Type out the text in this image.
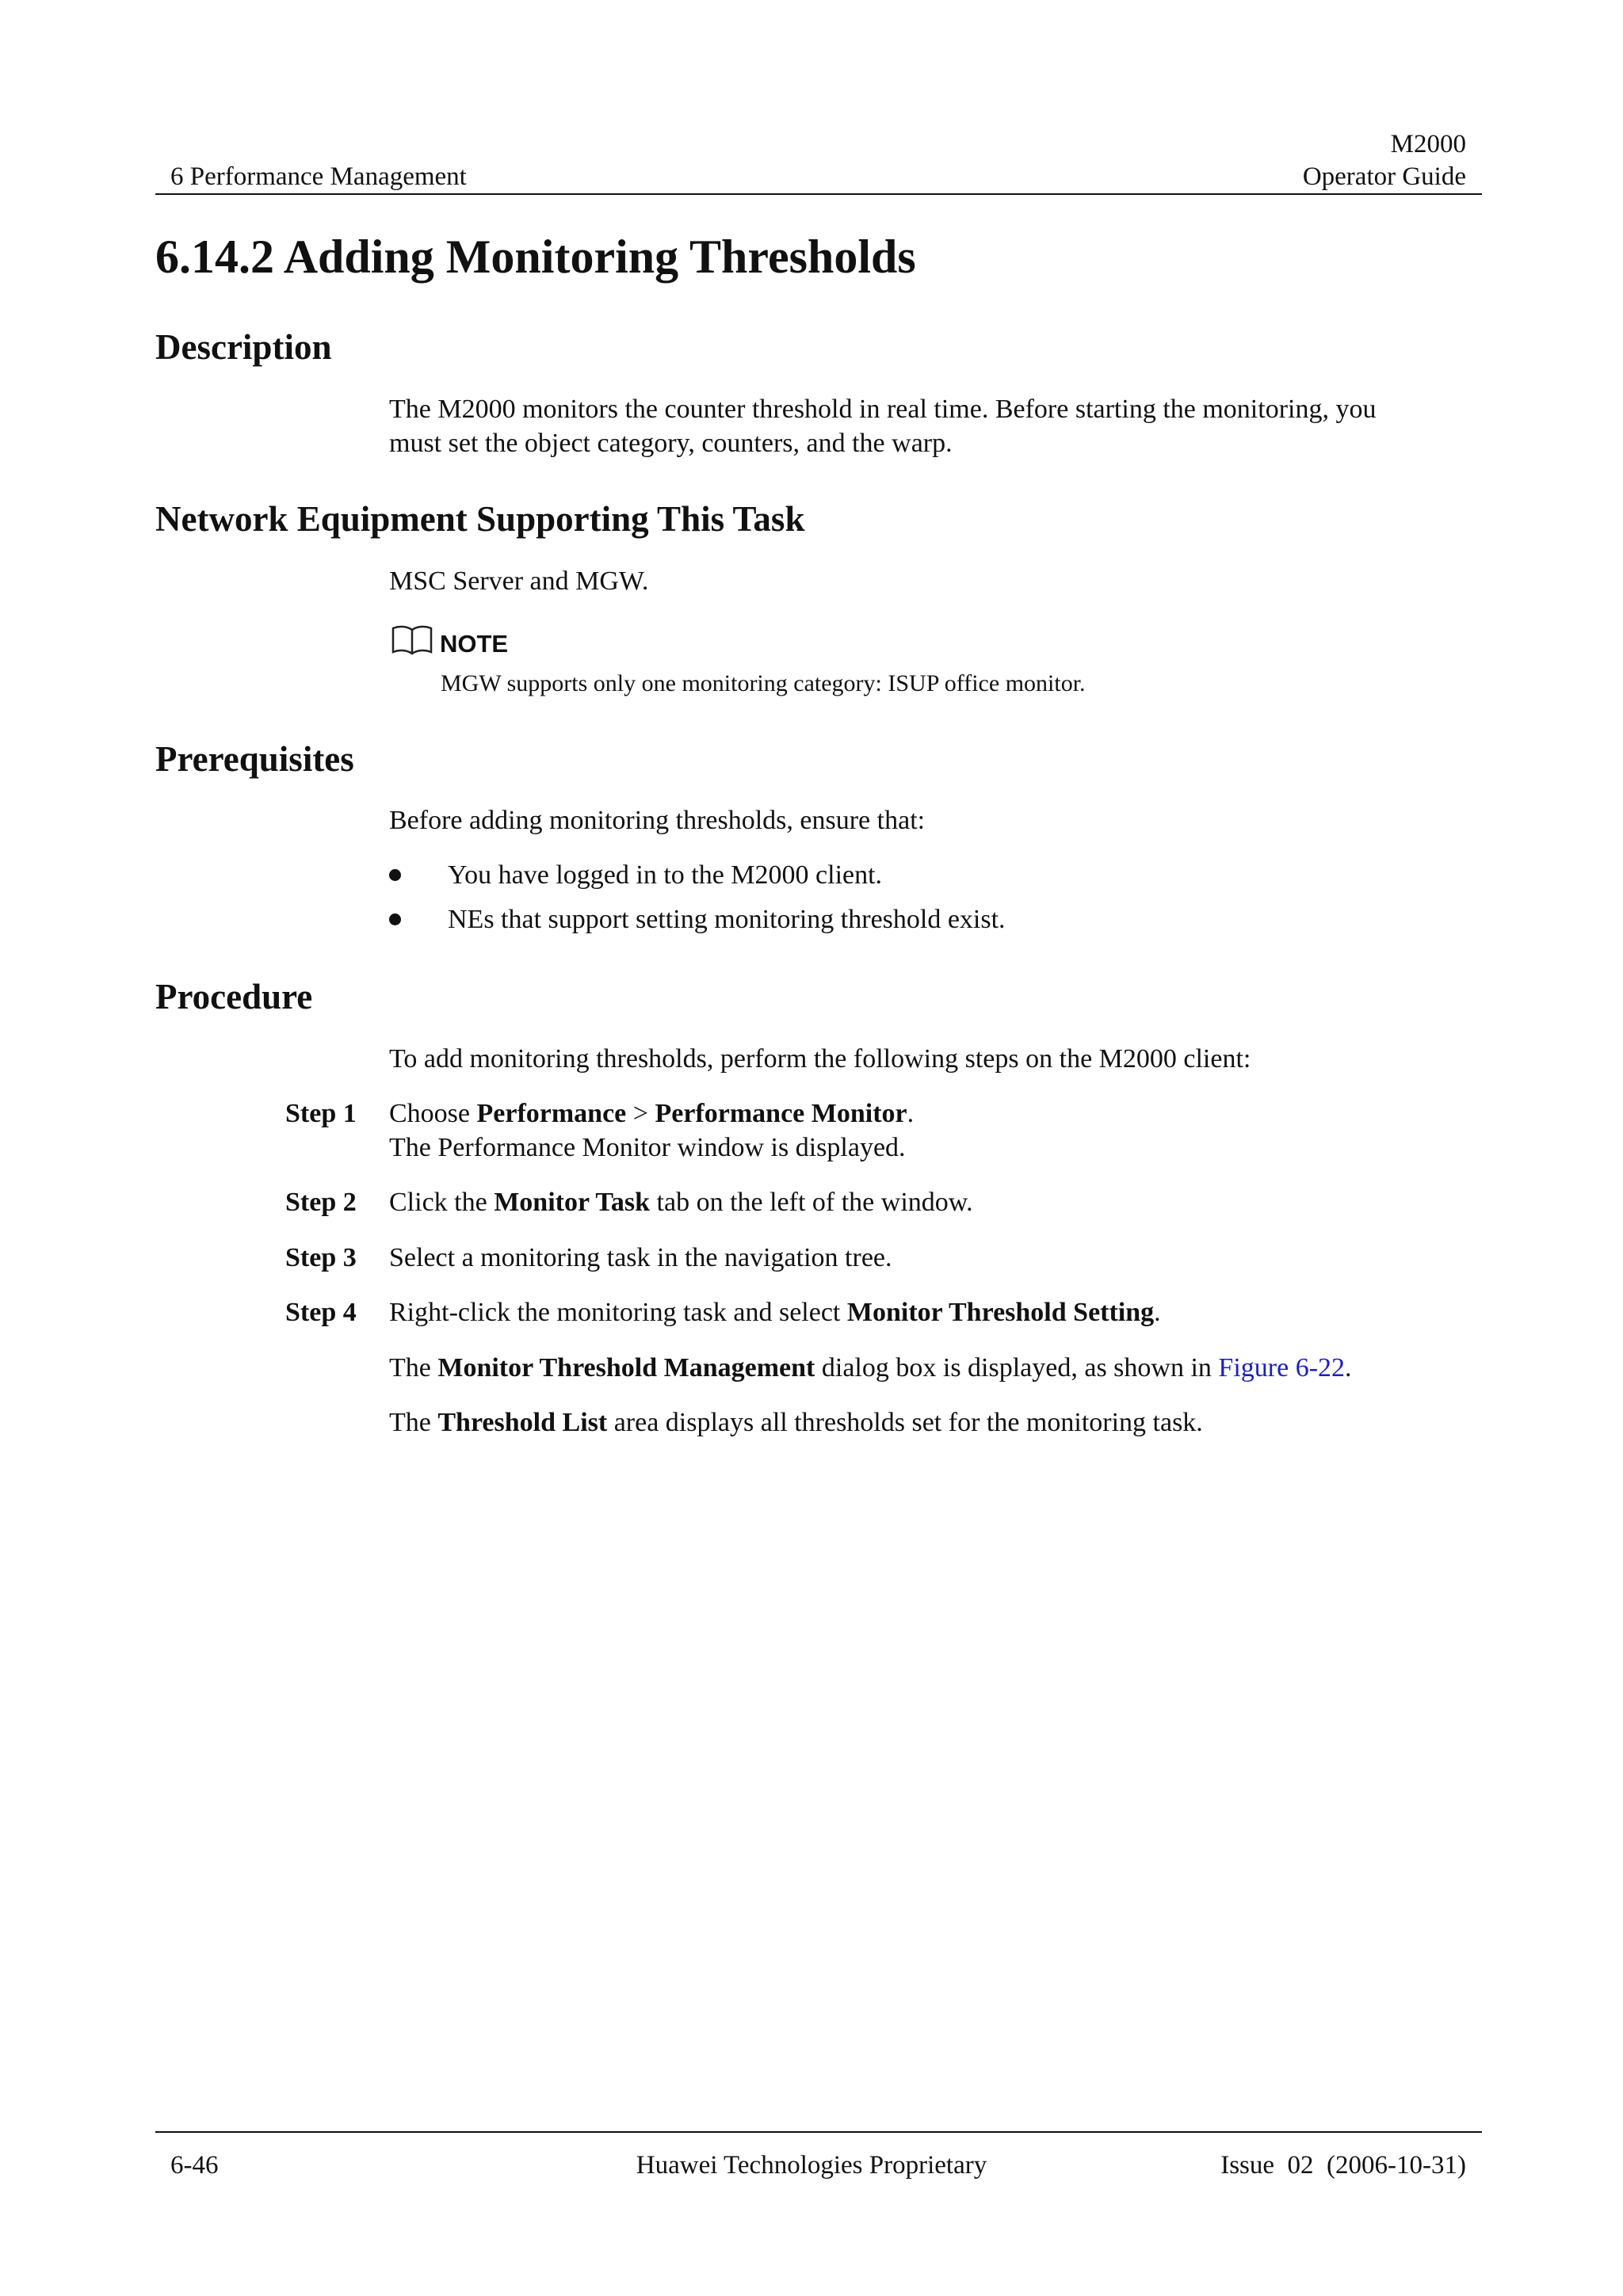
6 Performance Management
M2000
Operator Guide
6.14.2 Adding Monitoring Thresholds
Description

The M2000 monitors the counter threshold in real time. Before starting the monitoring, you

must set the object category, counters, and the warp.

Network Equipment Supporting This Task

MSC Server and MGW.

NOTE

MGW supports only one monitoring category: ISUP office monitor.

Prerequisites

Before adding monitoring thresholds, ensure that:

You have logged in to the M2000 client.
NEs that support setting monitoring threshold exist.
Procedure

To add monitoring thresholds, perform the following steps on the M2000 client:

Step 1 Choose Performance > Performance Monitor.
The Performance Monitor window is displayed.
Step 2 Click the Monitor Task tab on the left of the window.
Step 3 Select a monitoring task in the navigation tree.
Step 4 Right-click the monitoring task and select Monitor Threshold Setting.
The Monitor Threshold Management dialog box is displayed, as shown in Figure 6-22.
The Threshold List area displays all thresholds set for the monitoring task.
6-46	Huawei Technologies Proprietary	Issue  02  (2006-10-31)
